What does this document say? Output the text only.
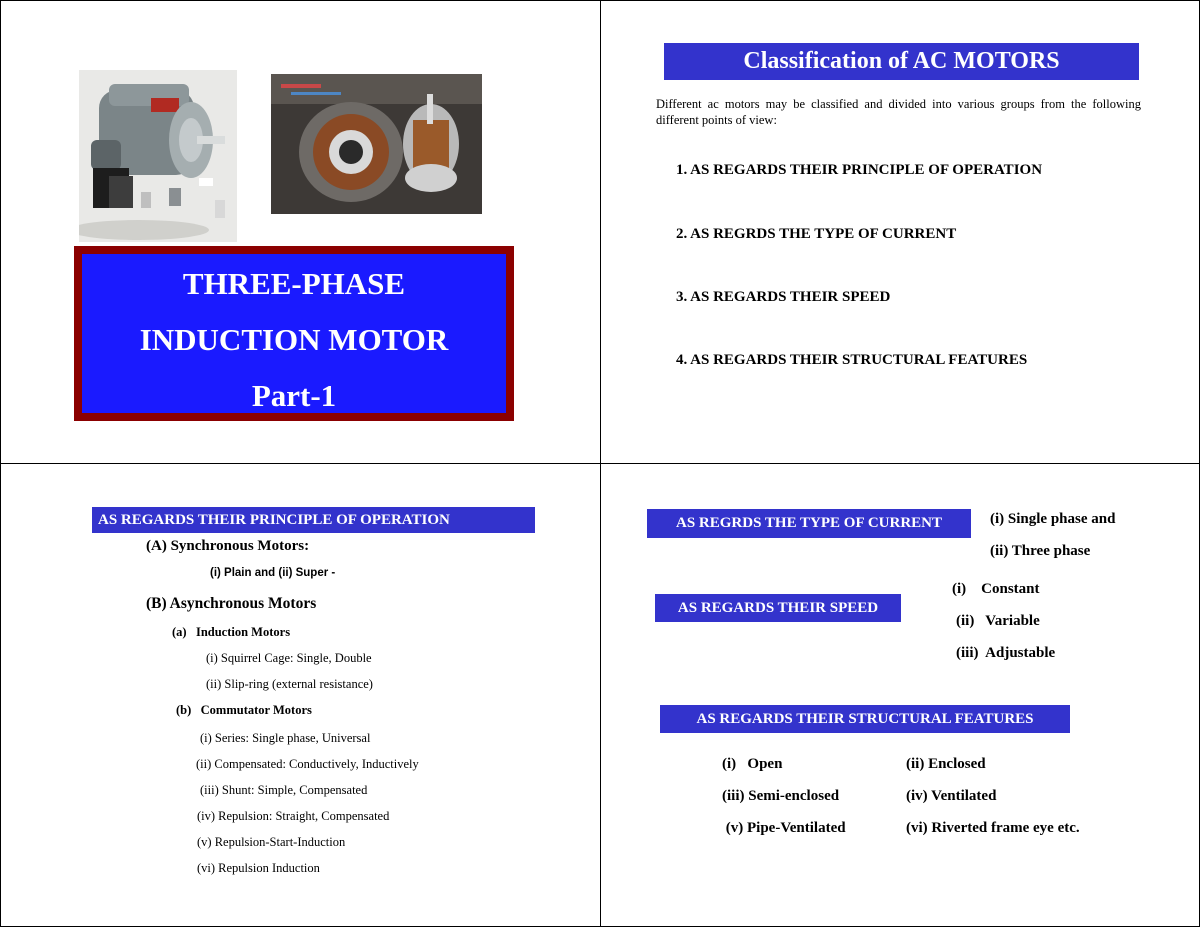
THREE-PHASE
INDUCTION MOTOR
Part-1
Classification of AC MOTORS
Different ac motors may be classified and divided into various groups from the following different points of view:
1. AS REGARDS THEIR PRINCIPLE OF OPERATION
2. AS REGRDS THE TYPE OF CURRENT
3. AS REGARDS THEIR SPEED
4. AS REGARDS THEIR STRUCTURAL FEATURES
AS REGARDS THEIR PRINCIPLE OF OPERATION
(A) Synchronous Motors:
(i) Plain and (ii) Super -
(B) Asynchronous Motors
(a)   Induction Motors
(i) Squirrel Cage: Single, Double
(ii) Slip-ring (external resistance)
(b)   Commutator Motors
(i) Series: Single phase, Universal
(ii) Compensated: Conductively, Inductively
(iii) Shunt: Simple, Compensated
(iv) Repulsion: Straight, Compensated
(v) Repulsion-Start-Induction
(vi) Repulsion Induction
AS REGRDS THE TYPE OF CURRENT	(i) Single phase and
(ii) Three phase
AS REGARDS THEIR SPEED
(i)    Constant
(ii)   Variable
(iii)  Adjustable
AS REGARDS THEIR STRUCTURAL FEATURES
(i)   Open
(iii) Semi-enclosed
(v) Pipe-Ventilated
(ii) Enclosed
(iv) Ventilated
(vi) Riverted frame eye etc.
